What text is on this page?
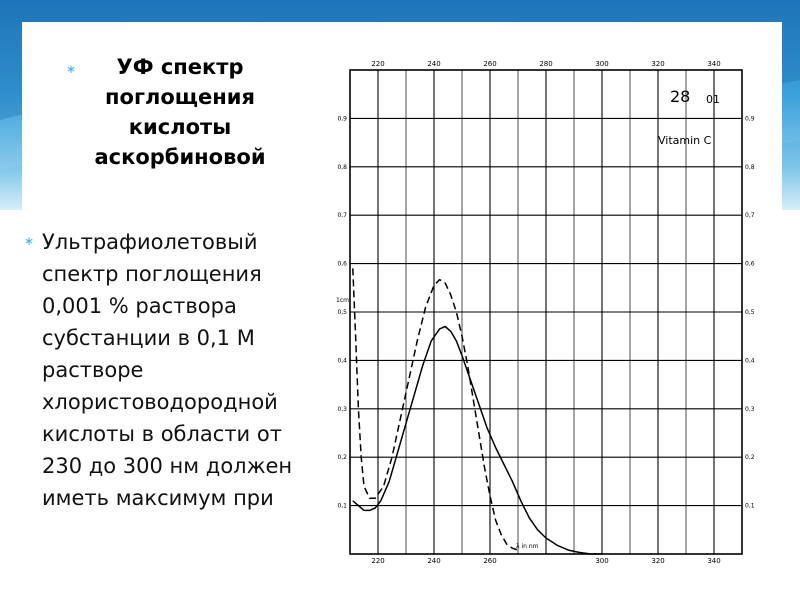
∗	УФ спектр поглощения кислоты аскорбиновой

∗ Ультрафиолетовый спектр поглощения 0,001 % раствора субстанции в 0,1 М растворе хлористоводородной кислоты в области от 230 до 300 нм должен иметь максимум при

220	240	260	280	300	320	340
220	240	260	300	320	340
0,1
0,2
0,3
0,4
0,5
0,6
0,7
0,8
0,9
0,1
0,2
0,3
0,4
0,5
0,6
0,7
0,8
0,9
28 01
Vitamin C
λ in nm
1cm
